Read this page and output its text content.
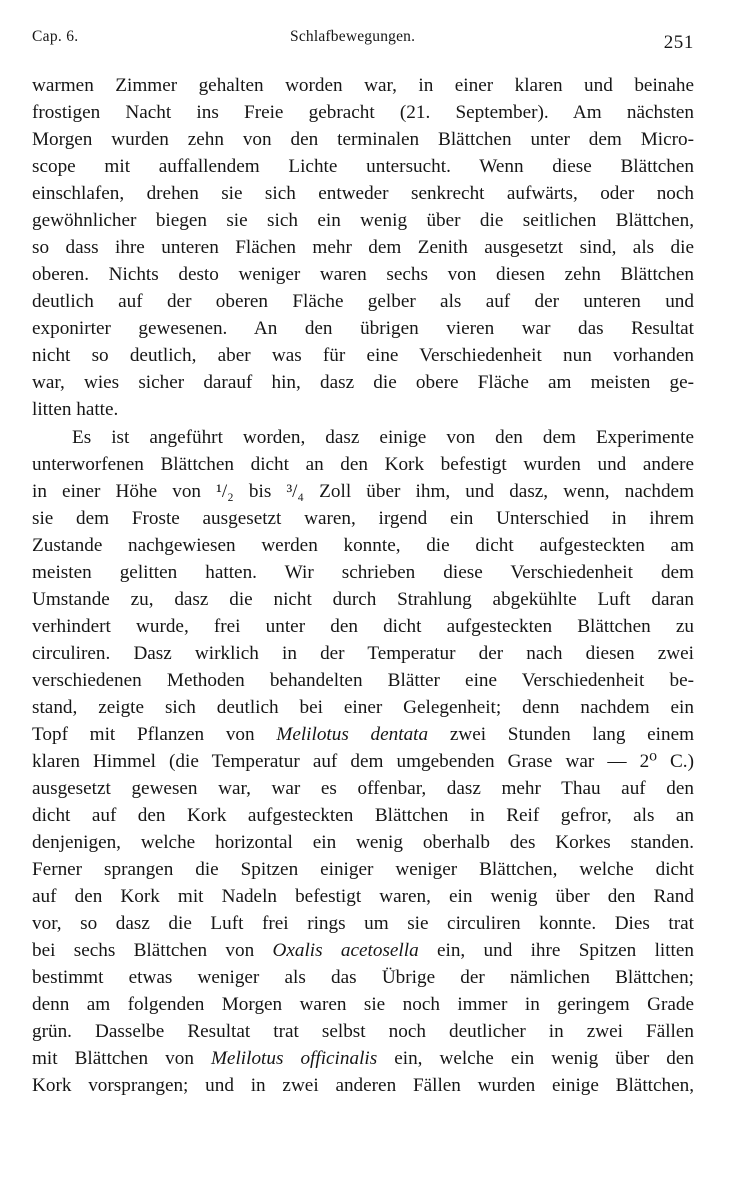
Cap. 6.	Schlafbewegungen.	251
warmen Zimmer gehalten worden war, in einer klaren und beinahe
frostigen Nacht ins Freie gebracht (21. September). Am nächsten
Morgen wurden zehn von den terminalen Blättchen unter dem Micro-
scope mit auffallendem Lichte untersucht. Wenn diese Blättchen
einschlafen, drehen sie sich entweder senkrecht aufwärts, oder noch
gewöhnlicher biegen sie sich ein wenig über die seitlichen Blättchen,
so dass ihre unteren Flächen mehr dem Zenith ausgesetzt sind, als die
oberen. Nichts desto weniger waren sechs von diesen zehn Blättchen
deutlich auf der oberen Fläche gelber als auf der unteren und
exponirter gewesenen. An den übrigen vieren war das Resultat
nicht so deutlich, aber was für eine Verschiedenheit nun vorhanden
war, wies sicher darauf hin, dasz die obere Fläche am meisten ge-
litten hatte.
Es ist angeführt worden, dasz einige von den dem Experimente
unterworfenen Blättchen dicht an den Kork befestigt wurden und andere
in einer Höhe von ¹/₂ bis ³/₄ Zoll über ihm, und dasz, wenn, nachdem
sie dem Froste ausgesetzt waren, irgend ein Unterschied in ihrem
Zustande nachgewiesen werden konnte, die dicht aufgesteckten am
meisten gelitten hatten. Wir schrieben diese Verschiedenheit dem
Umstande zu, dasz die nicht durch Strahlung abgekühlte Luft daran
verhindert wurde, frei unter den dicht aufgesteckten Blättchen zu
circuliren. Dasz wirklich in der Temperatur der nach diesen zwei
verschiedenen Methoden behandelten Blätter eine Verschiedenheit be-
stand, zeigte sich deutlich bei einer Gelegenheit; denn nachdem ein
Topf mit Pflanzen von Melilotus dentata zwei Stunden lang einem
klaren Himmel (die Temperatur auf dem umgebenden Grase war — 2⁰ C.)
ausgesetzt gewesen war, war es offenbar, dasz mehr Thau auf den
dicht auf den Kork aufgesteckten Blättchen in Reif gefror, als an
denjenigen, welche horizontal ein wenig oberhalb des Korkes standen.
Ferner sprangen die Spitzen einiger weniger Blättchen, welche dicht
auf den Kork mit Nadeln befestigt waren, ein wenig über den Rand
vor, so dasz die Luft frei rings um sie circuliren konnte. Dies trat
bei sechs Blättchen von Oxalis acetosella ein, und ihre Spitzen litten
bestimmt etwas weniger als das Übrige der nämlichen Blättchen;
denn am folgenden Morgen waren sie noch immer in geringem Grade
grün. Dasselbe Resultat trat selbst noch deutlicher in zwei Fällen
mit Blättchen von Melilotus officinalis ein, welche ein wenig über den
Kork vorsprangen; und in zwei anderen Fällen wurden einige Blättchen,
